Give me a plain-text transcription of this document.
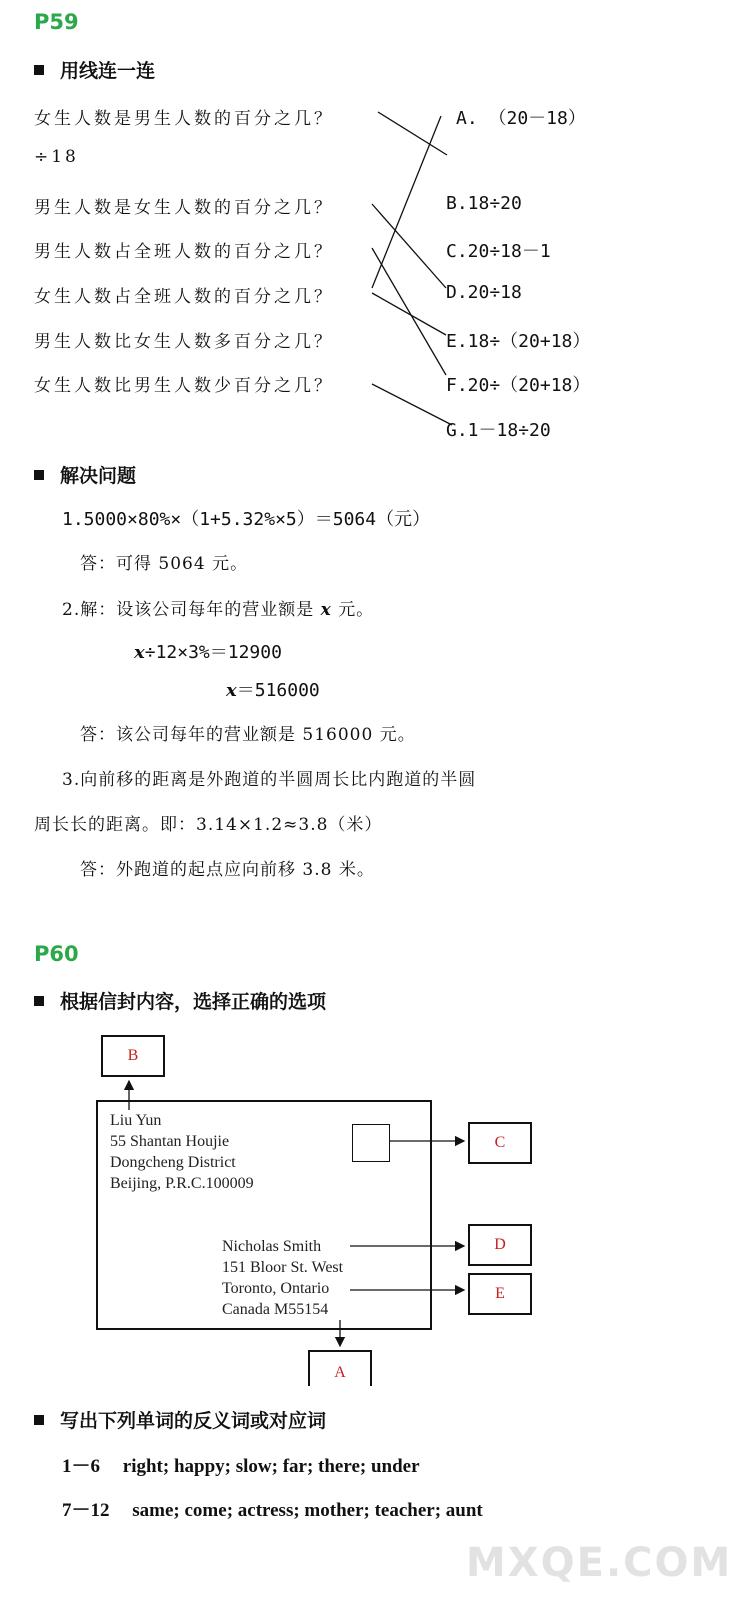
P59
用线连一连
女生人数是男生人数的百分之几？
÷18
男生人数是女生人数的百分之几？
男生人数占全班人数的百分之几？
女生人数占全班人数的百分之几？
男生人数比女生人数多百分之几？
女生人数比男生人数少百分之几？
A. （20－18）
B.18÷20
C.20÷18－1
D.20÷18
E.18÷（20+18）
F.20÷（20+18）
G.1－18÷20
解决问题
1.5000×80%×（1+5.32%×5）＝5064（元）
答：可得 5064 元。
2.解：设该公司每年的营业额是 x 元。
x÷12×3%＝12900
x＝516000
答：该公司每年的营业额是 516000 元。
3.向前移的距离是外跑道的半圆周长比内跑道的半圆
周长长的距离。即：3.14×1.2≈3.8（米）
答：外跑道的起点应向前移 3.8 米。
P60
根据信封内容，选择正确的选项
Liu Yun
55 Shantan Houjie
Dongcheng District
Beijing, P.R.C.100009
Nicholas Smith
151 Bloor St. West
Toronto, Ontario
Canada M55154
B
C
D
E
A
写出下列单词的反义词或对应词
1－6 right; happy; slow; far; there; under
7－12 same; come; actress; mother; teacher; aunt
MXQE.COM
